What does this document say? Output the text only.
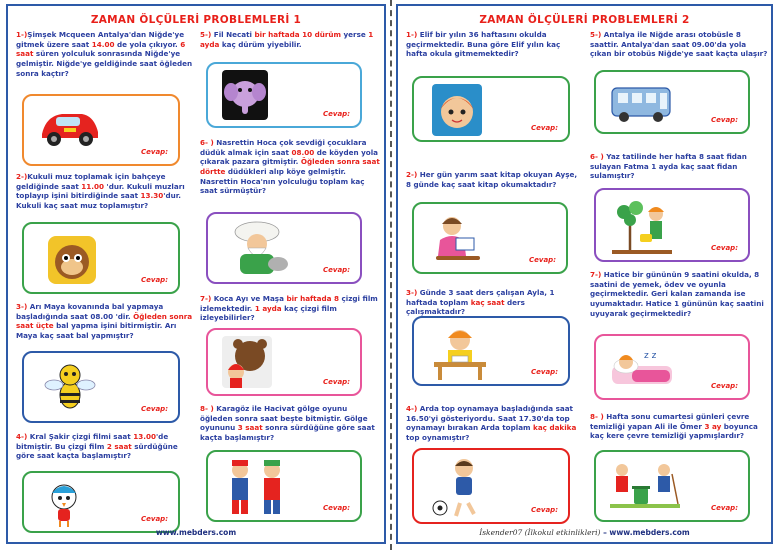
ZAMAN ÖLÇÜLERİ PROBLEMLERİ 1
1-)Şimşek Mcqueen Antalya'dan Niğde'ye gitmek üzere saat 14.00 de yola çıkıyor. 6 saat süren yolculuk sonrasında Niğde'ye gelmiştir. Niğde'ye geldiğinde saat öğleden sonra kaçtır?
Cevap:
2-)Kukuli muz toplamak için bahçeye geldiğinde saat 11.00 'dur. Kukuli muzları toplayıp işini bitirdiğinde saat 13.30'dur. Kukuli kaç saat muz toplamıştır?
Cevap:
3-) Arı Maya kovanında bal yapmaya başladığında saat 08.00 'dir. Öğleden sonra saat üçte bal yapma işini bitirmiştir. Arı Maya kaç saat bal yapmıştır?
Cevap:
4-) Kral Şakir çizgi filmi saat 13.00'de bitmiştir. Bu çizgi film 2 saat sürdüğüne göre saat kaçta başlamıştır?
Cevap:
5-) Fil Necati bir haftada 10 dürüm yerse 1 ayda kaç dürüm yiyebilir.
Cevap:
6- ) Nasrettin Hoca çok sevdiği çocuklara düdük almak için saat 08.00 de köyden yola çıkarak pazara gitmiştir. Öğleden sonra saat dörtte düdükleri alıp köye gelmiştir. Nasrettin Hoca'nın yolculuğu toplam kaç saat sürmüştür?
Cevap:
7-) Koca Ayı ve Maşa bir haftada 8 çizgi film izlemektedir. 1 ayda kaç çizgi film izleyebilirler?
Cevap:
8- ) Karagöz ile Hacivat gölge oyunu öğleden sonra saat beşte bitmiştir. Gölge oyununu 3 saat sonra sürdüğüne göre saat kaçta başlamıştır?
Cevap:
www.mebders.com
ZAMAN ÖLÇÜLERİ PROBLEMLERİ 2
1-) Elif bir yılın 36 haftasını okulda geçirmektedir. Buna göre Elif yılın kaç hafta okula gitmemektedir?
Cevap:
2-) Her gün yarım saat kitap okuyan Ayşe, 8 günde kaç saat kitap okumaktadır?
Cevap:
3-) Günde 3 saat ders çalışan Ayla, 1 haftada toplam kaç saat ders çalışmaktadır?
Cevap:
4-) Arda top oynamaya başladığında saat 16.50'yi gösteriyordu. Saat 17.30'da top oynamayı bırakan Arda toplam kaç dakika top oynamıştır?
Cevap:
5-) Antalya ile Niğde arası otobüsle 8 saattir. Antalya'dan saat 09.00'da yola çıkan bir otobüs Niğde'ye saat kaçta ulaşır?
Cevap:
6- ) Yaz tatilinde her hafta 8 saat fidan sulayan Fatma 1 ayda kaç saat fidan sulamıştır?
Cevap:
7-) Hatice bir gününün 9 saatini okulda, 8 saatini de yemek, ödev ve oyunla geçirmektedir. Geri kalan zamanda ise uyumaktadır. Hatice 1 gününün kaç saatini uyuyarak geçirmektedir?
z z
Cevap:
8- ) Hafta sonu cumartesi günleri çevre temizliği yapan Ali ile Ömer 3 ay boyunca kaç kere çevre temizliği yapmışlardır?
Cevap:
İskender07 (İlkokul etkinlikleri) – www.mebders.com
